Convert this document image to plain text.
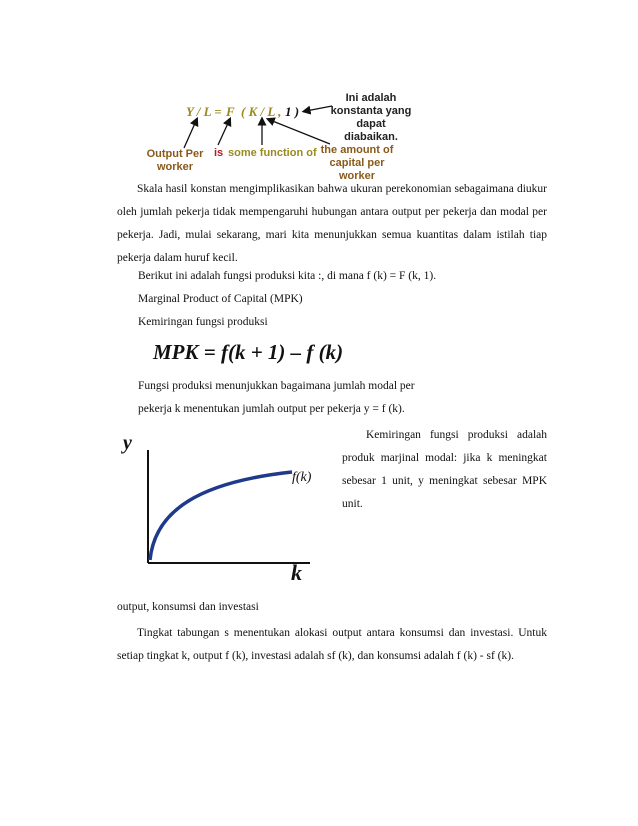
Y / L = F ( K / L , 1 )
Ini adalah konstanta yang dapat diabaikan.
Output Per worker
is some function of the amount of capital per worker

Skala hasil konstan mengimplikasikan bahwa ukuran perekonomian sebagaimana diukur oleh jumlah pekerja tidak mempengaruhi hubungan antara output per pekerja dan modal per pekerja. Jadi, mulai sekarang, mari kita menunjukkan semua kuantitas dalam istilah tiap pekerja dalam huruf kecil.

Berikut ini adalah fungsi produksi kita :, di mana f (k) = F (k, 1).
Marginal Product of Capital (MPK)
Kemiringan fungsi produksi
MPK = f(k + 1) – f (k)
Fungsi produksi menunjukkan bagaimana jumlah modal per
pekerja k menentukan jumlah output per pekerja y = f (k).
y
k
f(k)

Kemiringan fungsi produksi adalah produk marjinal modal: jika k meningkat sebesar 1 unit, y meningkat sebesar MPK unit.

output, konsumsi dan investasi

Tingkat tabungan s menentukan alokasi output antara konsumsi dan investasi. Untuk setiap tingkat k, output f (k), investasi adalah sf (k), dan konsumsi adalah f (k) - sf (k).
